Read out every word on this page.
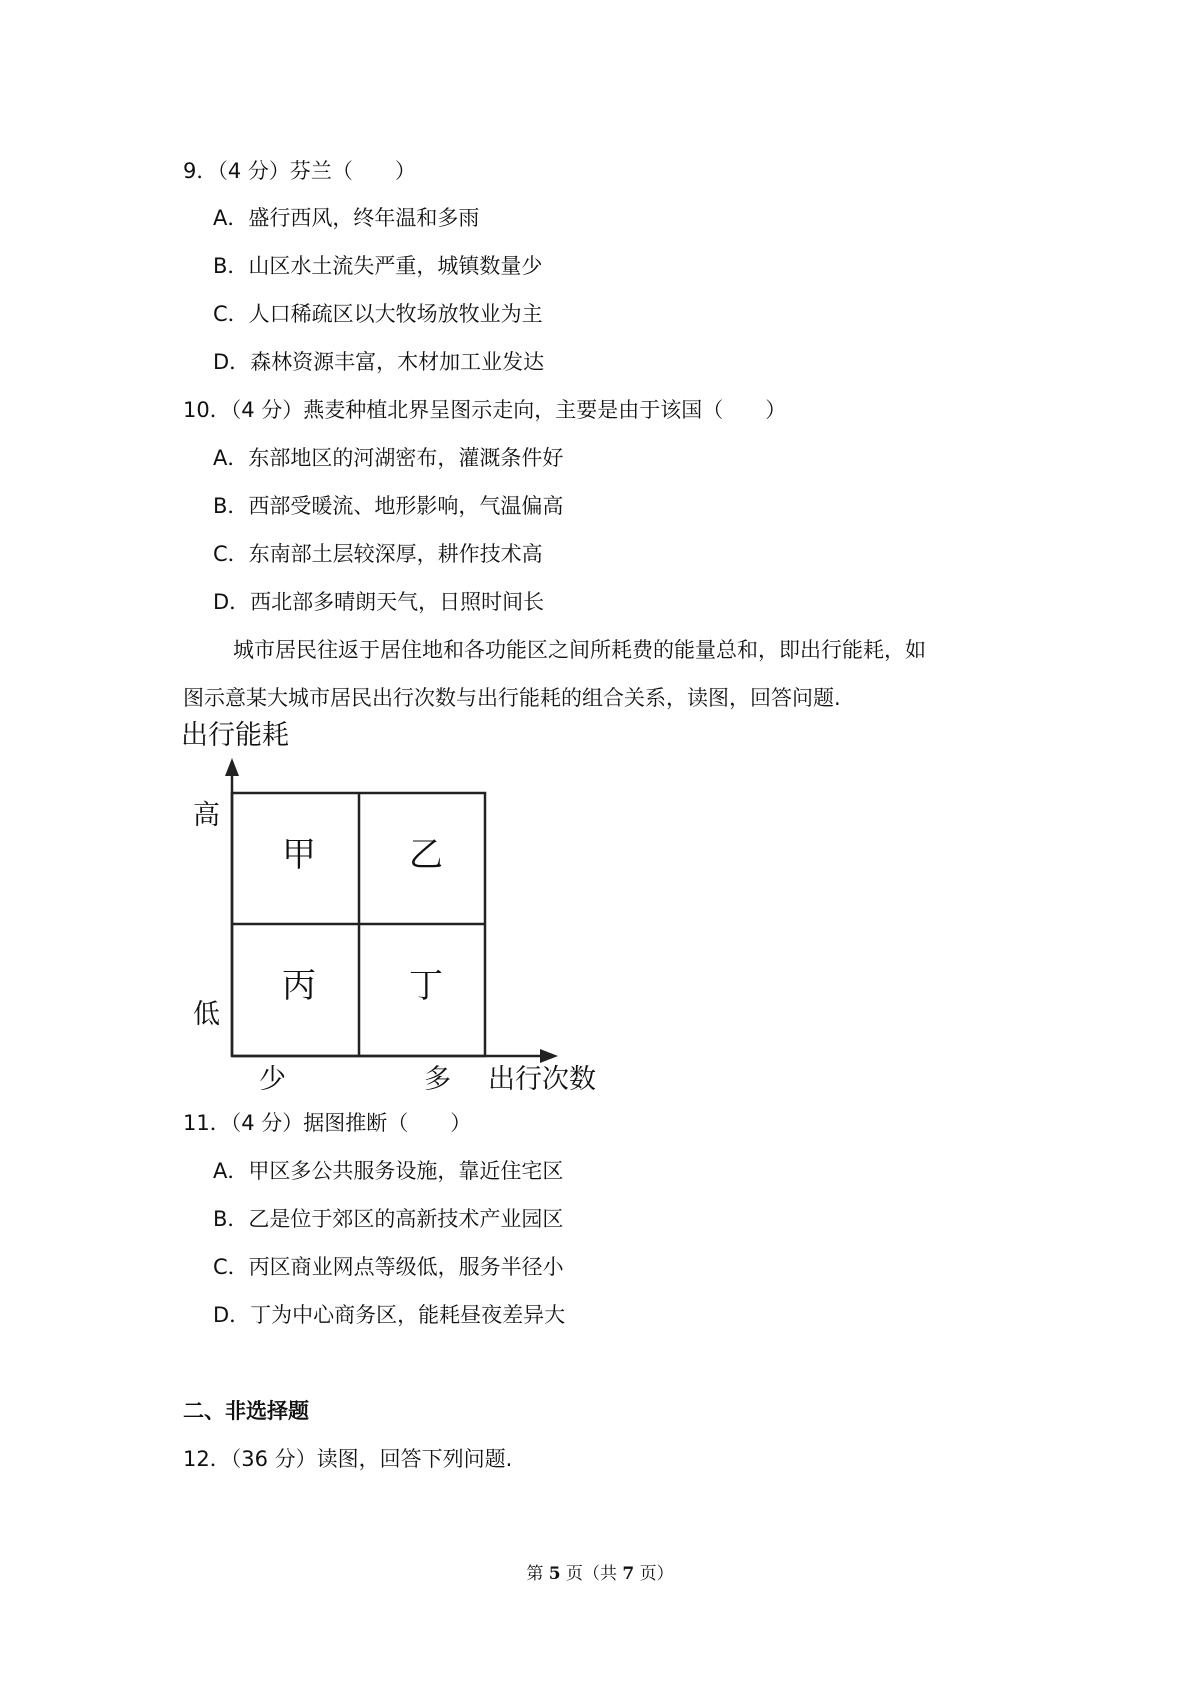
9．（4 分）芬兰（　　）
A．盛行西风，终年温和多雨
B．山区水土流失严重，城镇数量少
C．人口稀疏区以大牧场放牧业为主
D．森林资源丰富，木材加工业发达
10．（4 分）燕麦种植北界呈图示走向，主要是由于该国（　　）
A．东部地区的河湖密布，灌溉条件好
B．西部受暖流、地形影响，气温偏高
C．东南部土层较深厚，耕作技术高
D．西北部多晴朗天气，日照时间长
城市居民往返于居住地和各功能区之间所耗费的能量总和，即出行能耗，如
图示意某大城市居民出行次数与出行能耗的组合关系，读图，回答问题.
出行能耗
高
低
少	多 出行次数
甲	乙
丙	丁
11．（4 分）据图推断（　　）
A．甲区多公共服务设施，靠近住宅区
B．乙是位于郊区的高新技术产业园区
C．丙区商业网点等级低，服务半径小
D．丁为中心商务区，能耗昼夜差异大
二、非选择题
12．（36 分）读图，回答下列问题.
第 5 页（共 7 页）
